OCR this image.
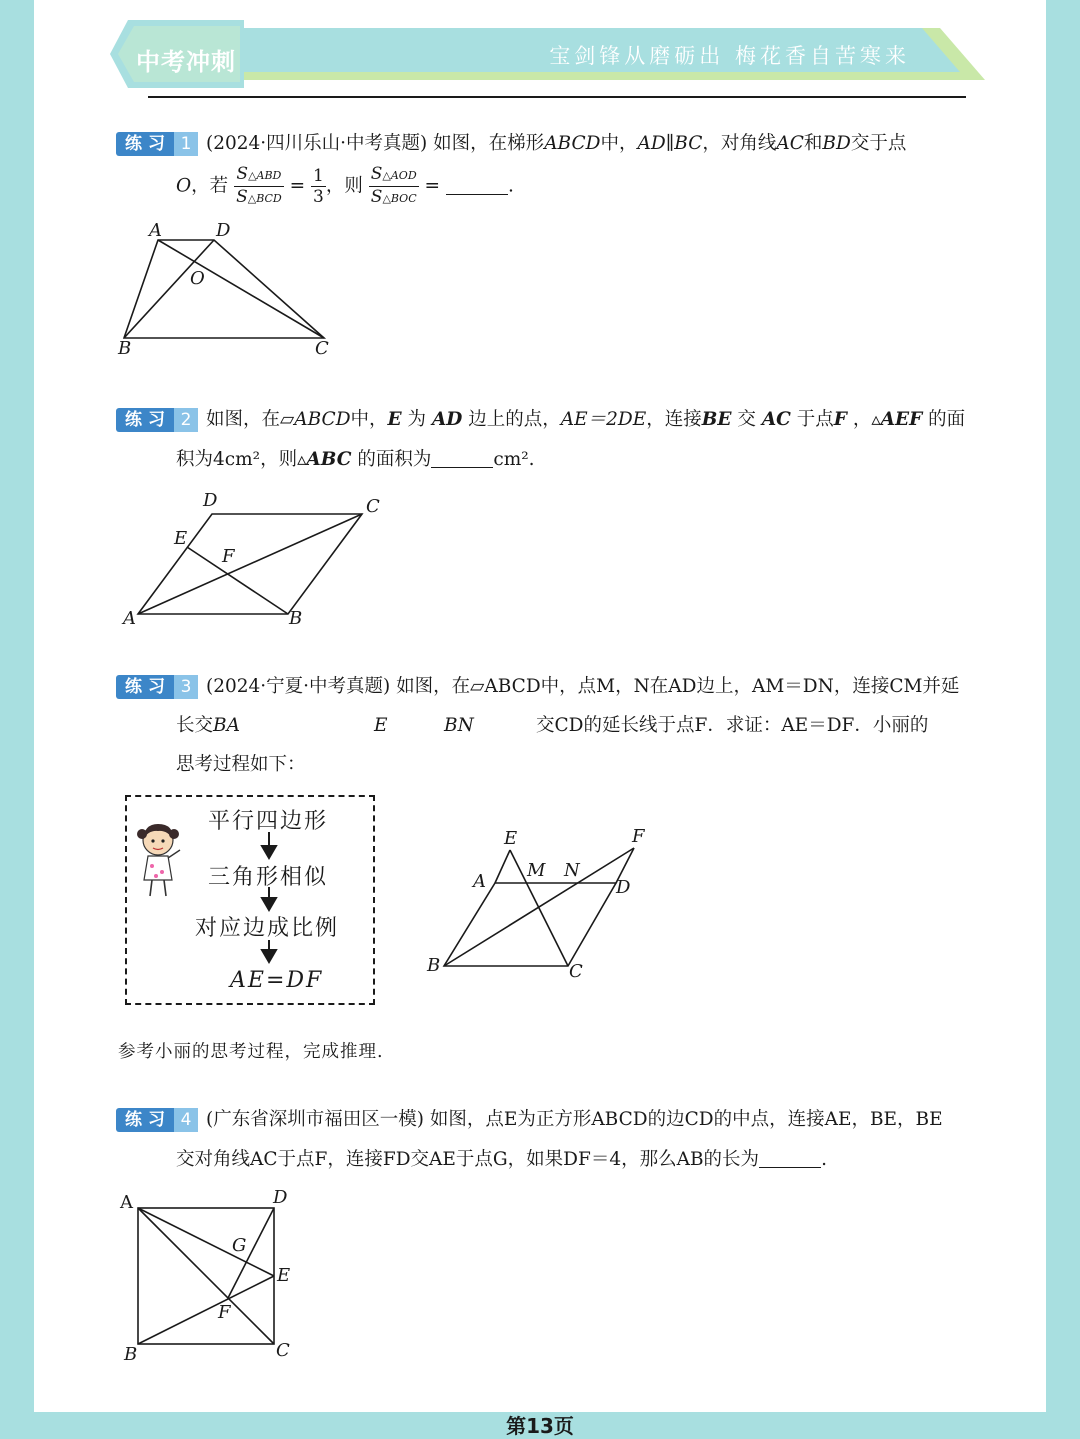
中考冲刺	宝剑锋从磨砺出 梅花香自苦寒来
练 习 1 (2024·四川乐山·中考真题) 如图，在梯形ABCD中，AD∥BC，对角线AC和BD交于点
O，若 $\frac{\text{S△ABD}}{\text{S△BCD}} = \frac{1}{3}$ ，则 $\frac{\text{S△AOD}}{\text{S△BOC}}$ =	.
A	D
O
B	C
练 习 2 如图，在▱ABCD中，E 为 AD 边上的点，AE＝2DE，连接BE 交 AC 于点F ，▵AEF 的面
积为4cm²，则▵ABC 的面积为	cm².
D	C
E
F
A	B
练 习 3 (2024·宁夏·中考真题) 如图，在▱ABCD中，点M，N在AD边上，AM＝DN，连接CM并延
长交BA	E	BN	交CD的延长线于点F．求证：AE＝DF．小丽的
思考过程如下：
平行四边形
三角形相似
对应边成比例
AE=DF
E	F
A
M N
D
B	C
参考小丽的思考过程，完成推理.
练 习 4 (广东省深圳市福田区一模) 如图，点E为正方形ABCD的边CD的中点，连接AE，BE，BE
交对角线AC于点F，连接FD交AE于点G，如果DF＝4，那么AB的长为	.
A	D
G
E
F
B	C
第13页
